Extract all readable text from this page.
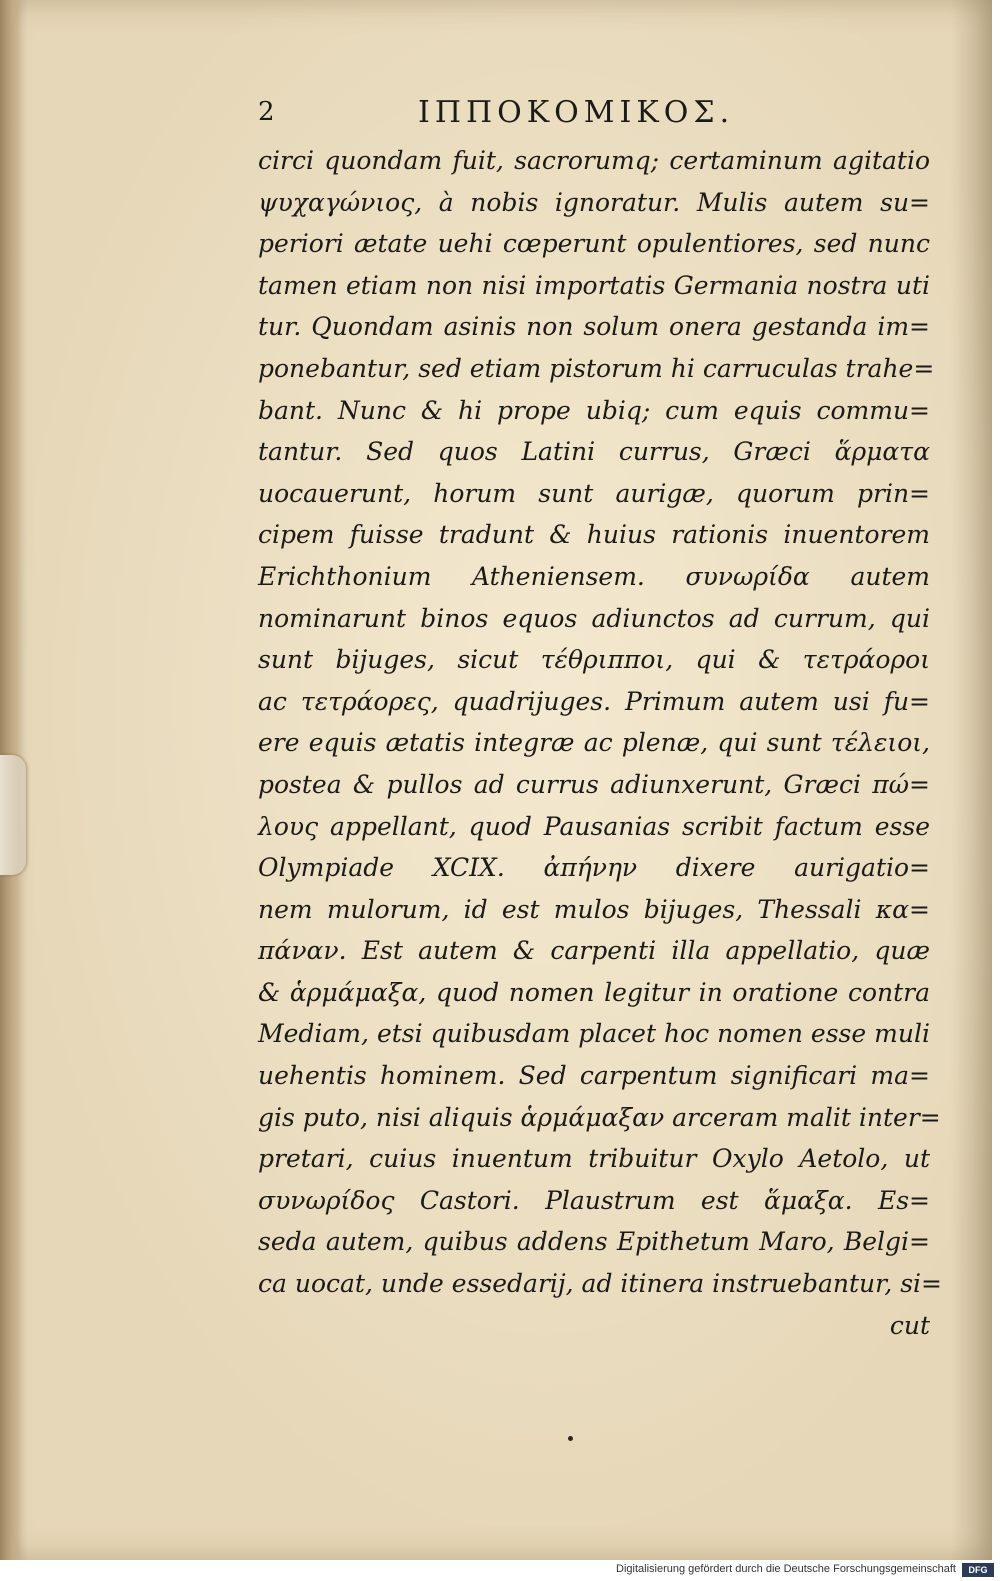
2	ΙΠΠΟΚΟΜΙΚΟΣ.
circi quondam fuit, sacrorumq; certaminum agitatio
ψυχαγώνιος, à nobis ignoratur. Mulis autem su=
periori ætate uehi cœperunt opulentiores, sed nunc
tamen etiam non nisi importatis Germania nostra uti
tur. Quondam asinis non solum onera gestanda im=
ponebantur, sed etiam pistorum hi carruculas trahe=
bant. Nunc & hi prope ubiq; cum equis commu=
tantur. Sed quos Latini currus, Græci ἅρματα
uocauerunt, horum sunt aurigæ, quorum prin=
cipem fuisse tradunt & huius rationis inuentorem
Erichthonium Atheniensem. συνωρίδα autem
nominarunt binos equos adiunctos ad currum, qui
sunt bijuges, sicut τέθριπποι, qui & τετράοροι
ac τετράορες, quadrijuges. Primum autem usi fu=
ere equis ætatis integræ ac plenæ, qui sunt τέλειοι,
postea & pullos ad currus adiunxerunt, Græci πώ=
λους appellant, quod Pausanias scribit factum esse
Olympiade XCIX. ἀπήνην dixere aurigatio=
nem mulorum, id est mulos bijuges, Thessali κα=
πάναν. Est autem & carpenti illa appellatio, quæ
& ἁρμάμαξα, quod nomen legitur in oratione contra
Mediam, etsi quibusdam placet hoc nomen esse muli
uehentis hominem. Sed carpentum significari ma=
gis puto, nisi aliquis ἁρμάμαξαν arceram malit inter=
pretari, cuius inuentum tribuitur Oxylo Aetolo, ut
συνωρίδος Castori. Plaustrum est ἅμαξα. Es=
seda autem, quibus addens Epithetum Maro, Belgi=
ca uocat, unde essedarij, ad itinera instruebantur, si=
cut
Digitalisierung gefördert durch die Deutsche Forschungsgemeinschaft	DFG
